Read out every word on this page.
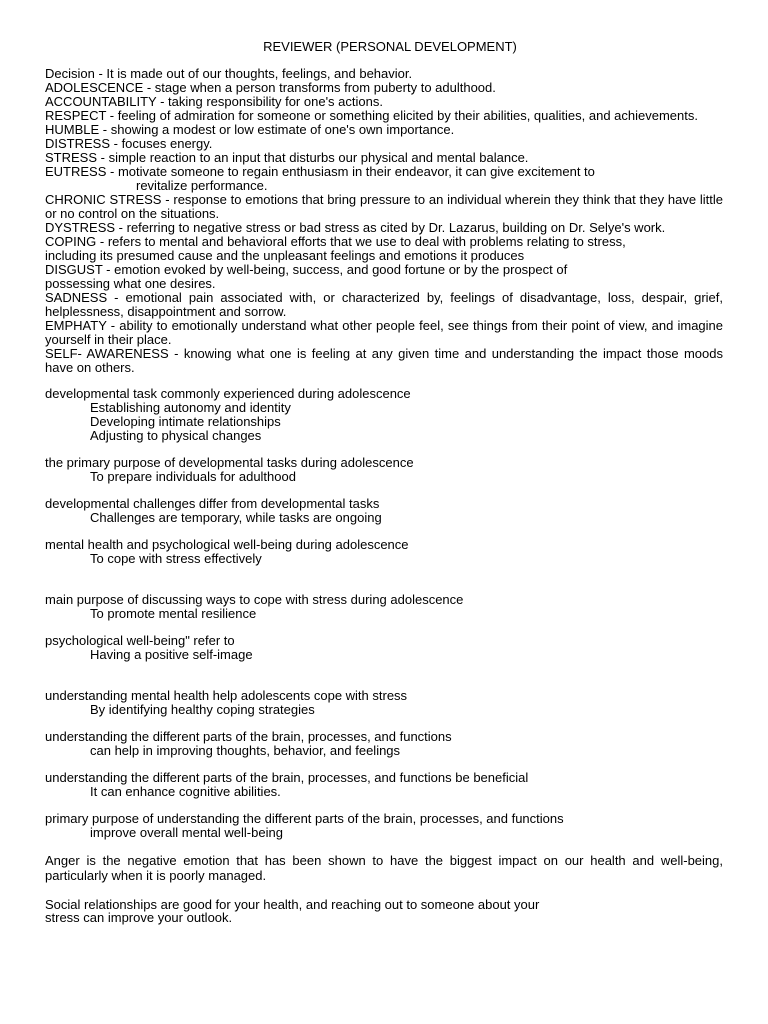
REVIEWER (PERSONAL DEVELOPMENT)

Decision - It is made out of our thoughts, feelings, and behavior.

ADOLESCENCE - stage when a person transforms from puberty to adulthood.

ACCOUNTABILITY - taking responsibility for one's actions.

RESPECT - feeling of admiration for someone or something elicited by their abilities, qualities, and achievements.

HUMBLE - showing a modest or low estimate of one's own importance.

DISTRESS - focuses energy.

STRESS - simple reaction to an input that disturbs our physical and mental balance.

EUTRESS - motivate someone to regain enthusiasm in their endeavor, it can give excitement to
revitalize performance.

CHRONIC STRESS - response to emotions that bring pressure to an individual wherein they think that they have little or no control on the situations.

DYSTRESS - referring to negative stress or bad stress as cited by Dr. Lazarus, building on Dr. Selye's work.

COPING - refers to mental and behavioral efforts that we use to deal with problems relating to stress,
including its presumed cause and the unpleasant feelings and emotions it produces

DISGUST - emotion evoked by well-being, success, and good fortune or by the prospect of
possessing what one desires.

SADNESS - emotional pain associated with, or characterized by, feelings of disadvantage, loss, despair, grief, helplessness, disappointment and sorrow.

EMPHATY - ability to emotionally understand what other people feel, see things from their point of view, and imagine yourself in their place.

SELF- AWARENESS - knowing what one is feeling at any given time and understanding the impact those moods have on others.

developmental task commonly experienced during adolescence
Establishing autonomy and identity
Developing intimate relationships
Adjusting to physical changes
the primary purpose of developmental tasks during adolescence
To prepare individuals for adulthood
developmental challenges differ from developmental tasks
Challenges are temporary, while tasks are ongoing
mental health and psychological well-being during adolescence
To cope with stress effectively
main purpose of discussing ways to cope with stress during adolescence
To promote mental resilience
psychological well-being" refer to
Having a positive self-image
understanding mental health help adolescents cope with stress
By identifying healthy coping strategies
understanding the different parts of the brain, processes, and functions
can help in improving thoughts, behavior, and feelings
understanding the different parts of the brain, processes, and functions be beneficial
It can enhance cognitive abilities.
primary purpose of understanding the different parts of the brain, processes, and functions
improve overall mental well-being

Anger is the negative emotion that has been shown to have the biggest impact on our health and well-being, particularly when it is poorly managed.

Social relationships are good for your health, and reaching out to someone about your

stress can improve your outlook.
